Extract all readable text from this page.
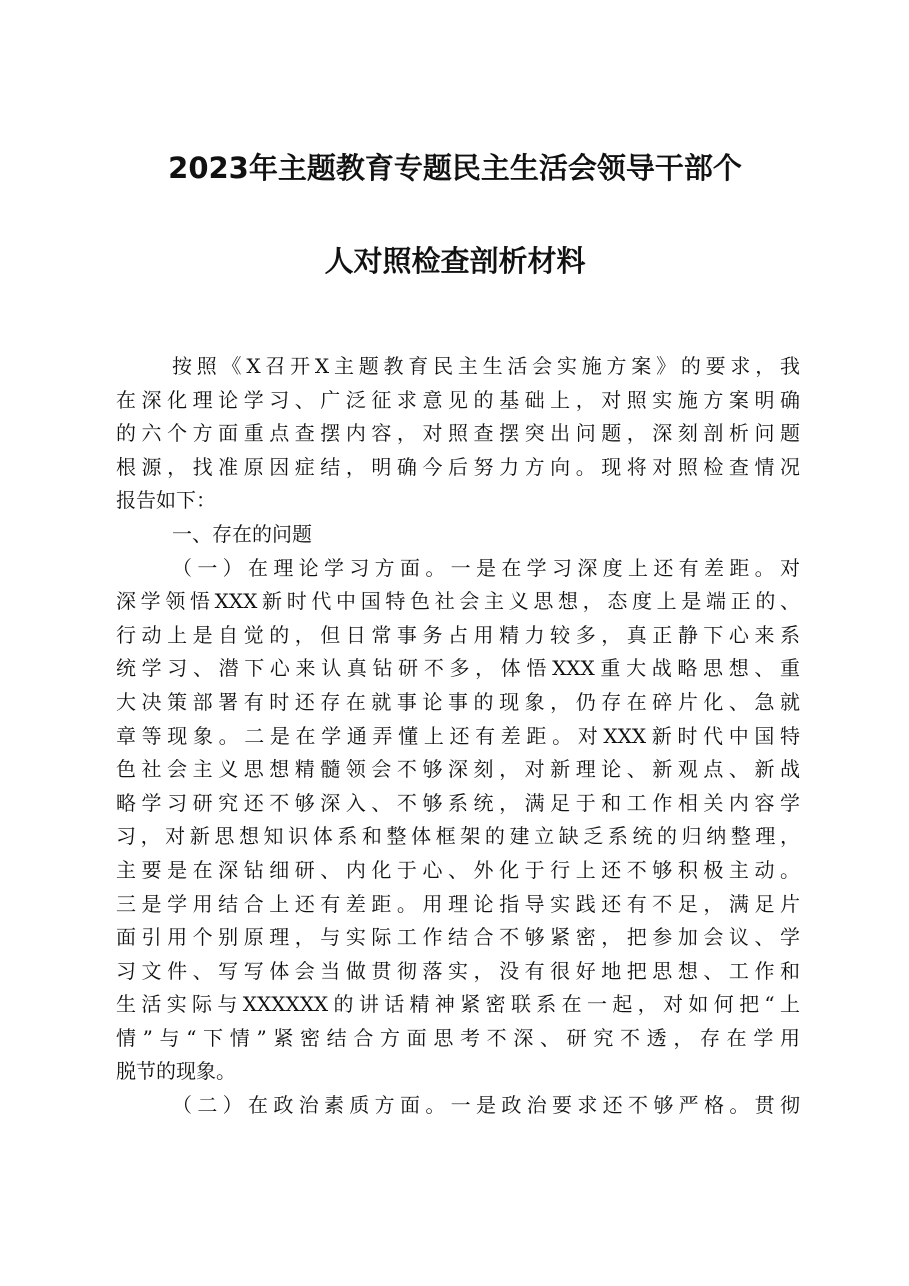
2023年主题教育专题民主生活会领导干部个
人对照检查剖析材料
按照《X召开X主题教育民主生活会实施方案》的要求，我
在深化理论学习、广泛征求意见的基础上，对照实施方案明确
的六个方面重点查摆内容，对照查摆突出问题，深刻剖析问题
根源，找准原因症结，明确今后努力方向。现将对照检查情况
报告如下：
一、存在的问题
（一）在理论学习方面。一是在学习深度上还有差距。对
深学领悟XXX新时代中国特色社会主义思想，态度上是端正的、
行动上是自觉的，但日常事务占用精力较多，真正静下心来系
统学习、潜下心来认真钻研不多，体悟XXX重大战略思想、重
大决策部署有时还存在就事论事的现象，仍存在碎片化、急就
章等现象。二是在学通弄懂上还有差距。对XXX新时代中国特
色社会主义思想精髓领会不够深刻，对新理论、新观点、新战
略学习研究还不够深入、不够系统，满足于和工作相关内容学
习，对新思想知识体系和整体框架的建立缺乏系统的归纳整理，
主要是在深钻细研、内化于心、外化于行上还不够积极主动。
三是学用结合上还有差距。用理论指导实践还有不足，满足片
面引用个别原理，与实际工作结合不够紧密，把参加会议、学
习文件、写写体会当做贯彻落实，没有很好地把思想、工作和
生活实际与XXXXXX的讲话精神紧密联系在一起，对如何把“上
情”与“下情”紧密结合方面思考不深、研究不透，存在学用
脱节的现象。
（二）在政治素质方面。一是政治要求还不够严格。贯彻
